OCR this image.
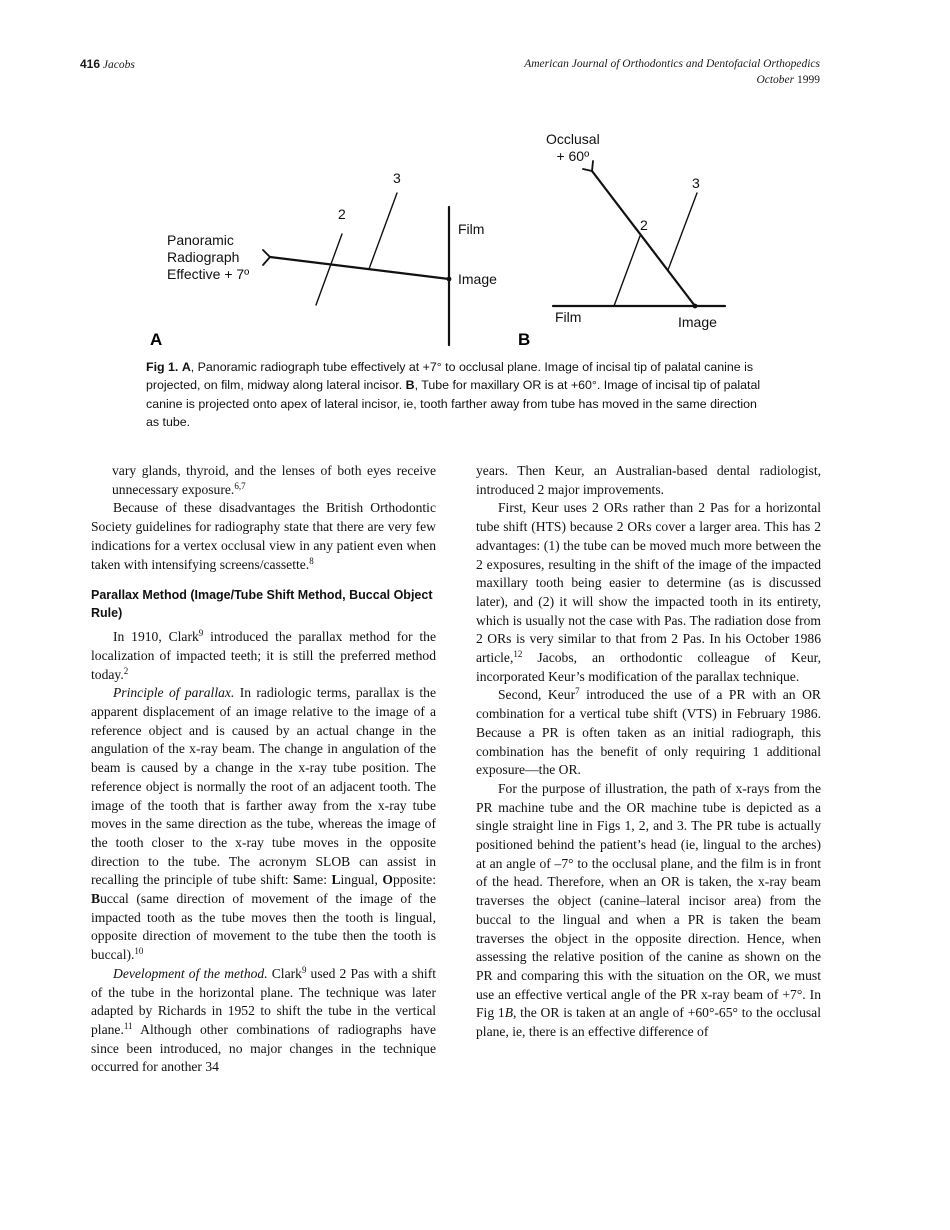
416 Jacobs	American Journal of Orthodontics and Dentofacial Orthopedics
October 1999
Panoramic
Radiograph
Effective + 7º
2
3
Film
Image
A
Occlusal
+ 60º
2
3
Film	Image
B
Fig 1. A, Panoramic radiograph tube effectively at +7° to occlusal plane. Image of incisal tip of palatal canine is projected, on film, midway along lateral incisor. B, Tube for maxillary OR is at +60°. Image of incisal tip of palatal canine is projected onto apex of lateral incisor, ie, tooth farther away from tube has moved in the same direction as tube.

vary glands, thyroid, and the lenses of both eyes receive unnecessary exposure.$^{6,7}$

Because of these disadvantages the British Orthodontic Society guidelines for radiography state that there are very few indications for a vertex occlusal view in any patient even when taken with intensifying screens/cassette.$^8$

Parallax Method (Image/Tube Shift Method, Buccal Object Rule)

In 1910, Clark$^9$ introduced the parallax method for the localization of impacted teeth; it is still the preferred method today.$^2$

Principle of parallax. In radiologic terms, parallax is the apparent displacement of an image relative to the image of a reference object and is caused by an actual change in the angulation of the x-ray beam. The change in angulation of the beam is caused by a change in the x-ray tube position. The reference object is normally the root of an adjacent tooth. The image of the tooth that is farther away from the x-ray tube moves in the same direction as the tube, whereas the image of the tooth closer to the x-ray tube moves in the opposite direction to the tube. The acronym SLOB can assist in recalling the principle of tube shift: Same: Lingual, Opposite: Buccal (same direction of movement of the image of the impacted tooth as the tube moves then the tooth is lingual, opposite direction of movement to the tube then the tooth is buccal).$^{10}$

Development of the method. Clark$^9$ used 2 Pas with a shift of the tube in the horizontal plane. The technique was later adapted by Richards in 1952 to shift the tube in the vertical plane.$^{11}$ Although other combinations of radiographs have since been introduced, no major changes in the technique occurred for another 34

years. Then Keur, an Australian-based dental radiologist, introduced 2 major improvements.

First, Keur uses 2 ORs rather than 2 Pas for a horizontal tube shift (HTS) because 2 ORs cover a larger area. This has 2 advantages: (1) the tube can be moved much more between the 2 exposures, resulting in the shift of the image of the impacted maxillary tooth being easier to determine (as is discussed later), and (2) it will show the impacted tooth in its entirety, which is usually not the case with Pas. The radiation dose from 2 ORs is very similar to that from 2 Pas. In his October 1986 article,$^{12}$ Jacobs, an orthodontic colleague of Keur, incorporated Keur’s modification of the parallax technique.

Second, Keur$^7$ introduced the use of a PR with an OR combination for a vertical tube shift (VTS) in February 1986. Because a PR is often taken as an initial radiograph, this combination has the benefit of only requiring 1 additional exposure—the OR.

For the purpose of illustration, the path of x-rays from the PR machine tube and the OR machine tube is depicted as a single straight line in Figs 1, 2, and 3. The PR tube is actually positioned behind the patient’s head (ie, lingual to the arches) at an angle of –7° to the occlusal plane, and the film is in front of the head. Therefore, when an OR is taken, the x-ray beam traverses the object (canine–lateral incisor area) from the buccal to the lingual and when a PR is taken the beam traverses the object in the opposite direction. Hence, when assessing the relative position of the canine as shown on the PR and comparing this with the situation on the OR, we must use an effective vertical angle of the PR x-ray beam of +7°. In Fig 1B, the OR is taken at an angle of +60°-65° to the occlusal plane, ie, there is an effective difference of
